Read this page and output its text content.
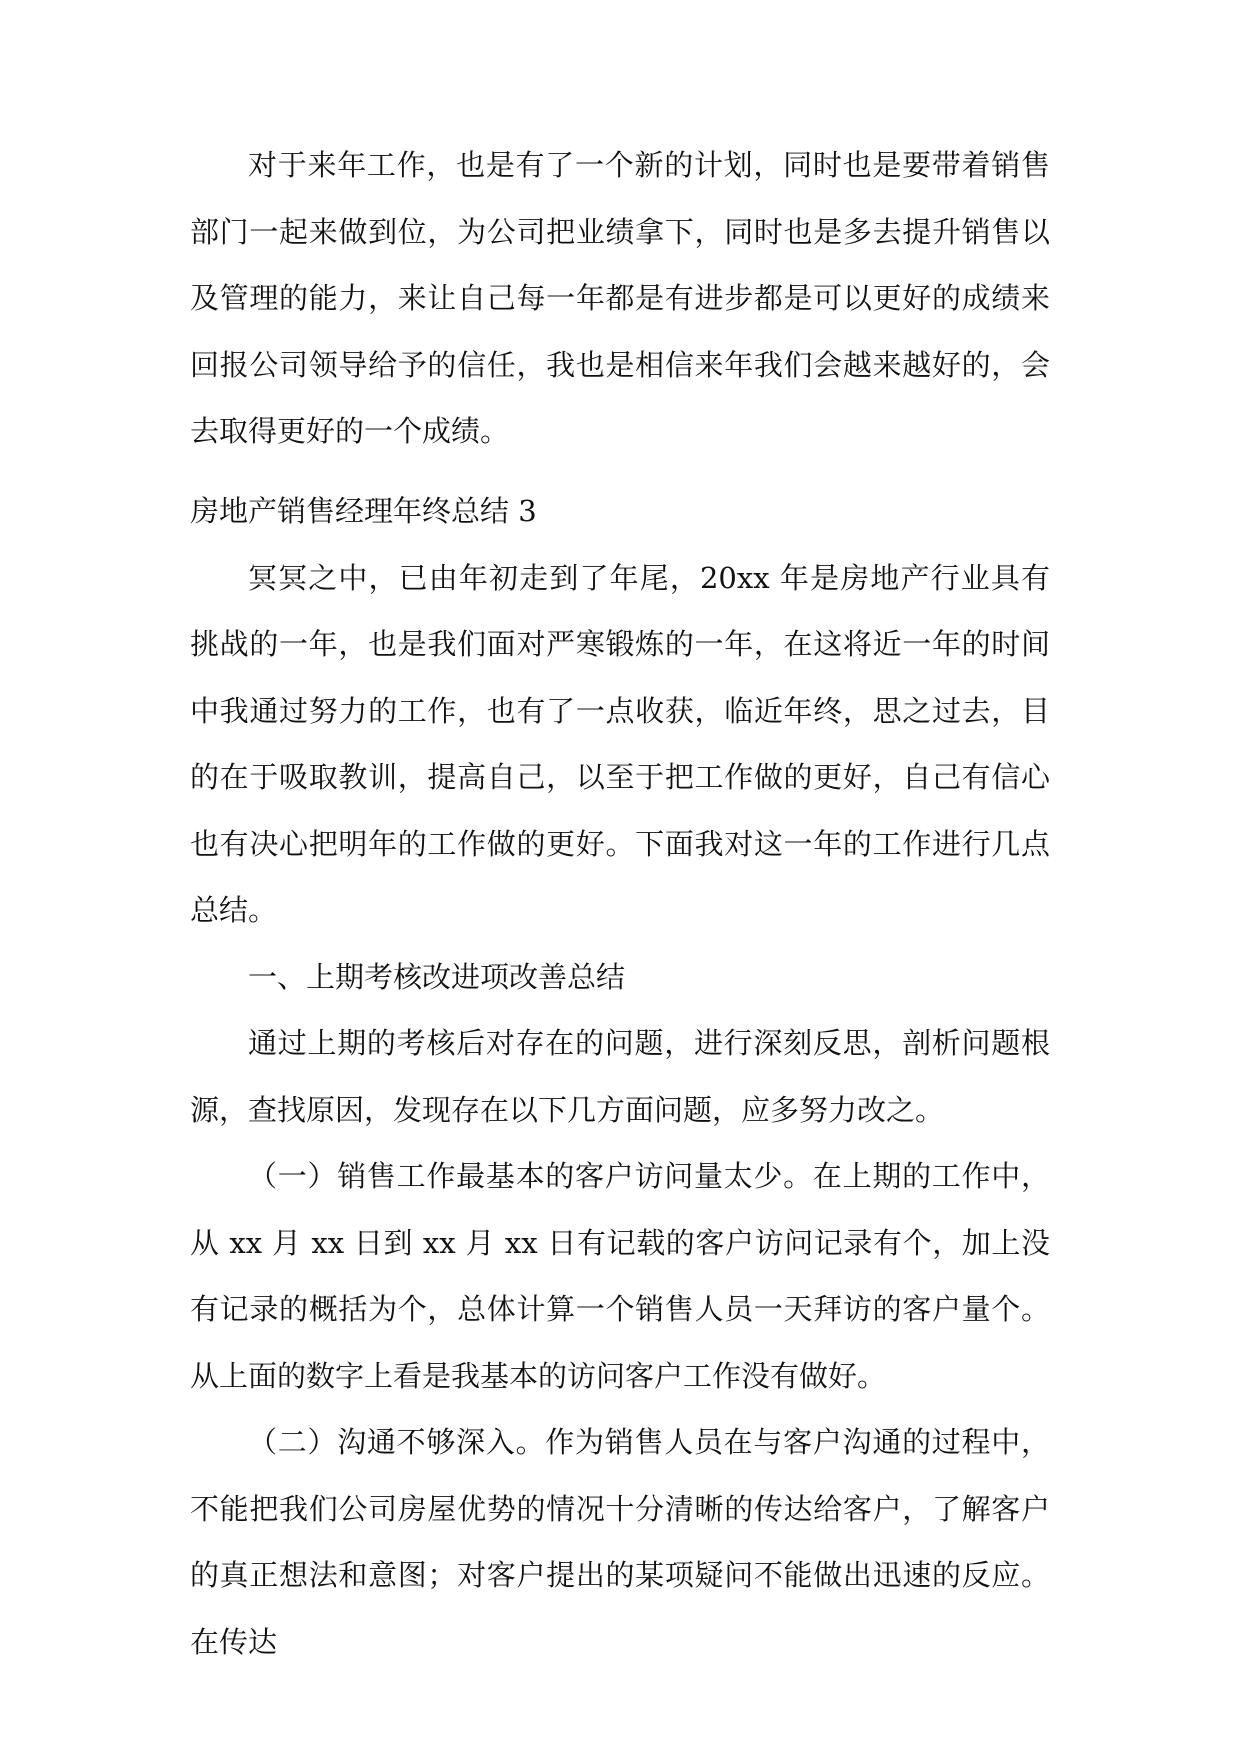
对于来年工作，也是有了一个新的计划，同时也是要带着销售部门一起来做到位，为公司把业绩拿下，同时也是多去提升销售以及管理的能力，来让自己每一年都是有进步都是可以更好的成绩来回报公司领导给予的信任，我也是相信来年我们会越来越好的，会去取得更好的一个成绩。

房地产销售经理年终总结 3

冥冥之中，已由年初走到了年尾，20xx 年是房地产行业具有挑战的一年，也是我们面对严寒锻炼的一年，在这将近一年的时间中我通过努力的工作，也有了一点收获，临近年终，思之过去，目的在于吸取教训，提高自己，以至于把工作做的更好，自己有信心也有决心把明年的工作做的更好。下面我对这一年的工作进行几点总结。

一、上期考核改进项改善总结

通过上期的考核后对存在的问题，进行深刻反思，剖析问题根源，查找原因，发现存在以下几方面问题，应多努力改之。

（一）销售工作最基本的客户访问量太少。在上期的工作中，从 xx 月 xx 日到 xx 月 xx 日有记载的客户访问记录有个，加上没有记录的概括为个，总体计算一个销售人员一天拜访的客户量个。从上面的数字上看是我基本的访问客户工作没有做好。

（二）沟通不够深入。作为销售人员在与客户沟通的过程中，不能把我们公司房屋优势的情况十分清晰的传达给客户，了解客户的真正想法和意图；对客户提出的某项疑问不能做出迅速的反应。在传达
